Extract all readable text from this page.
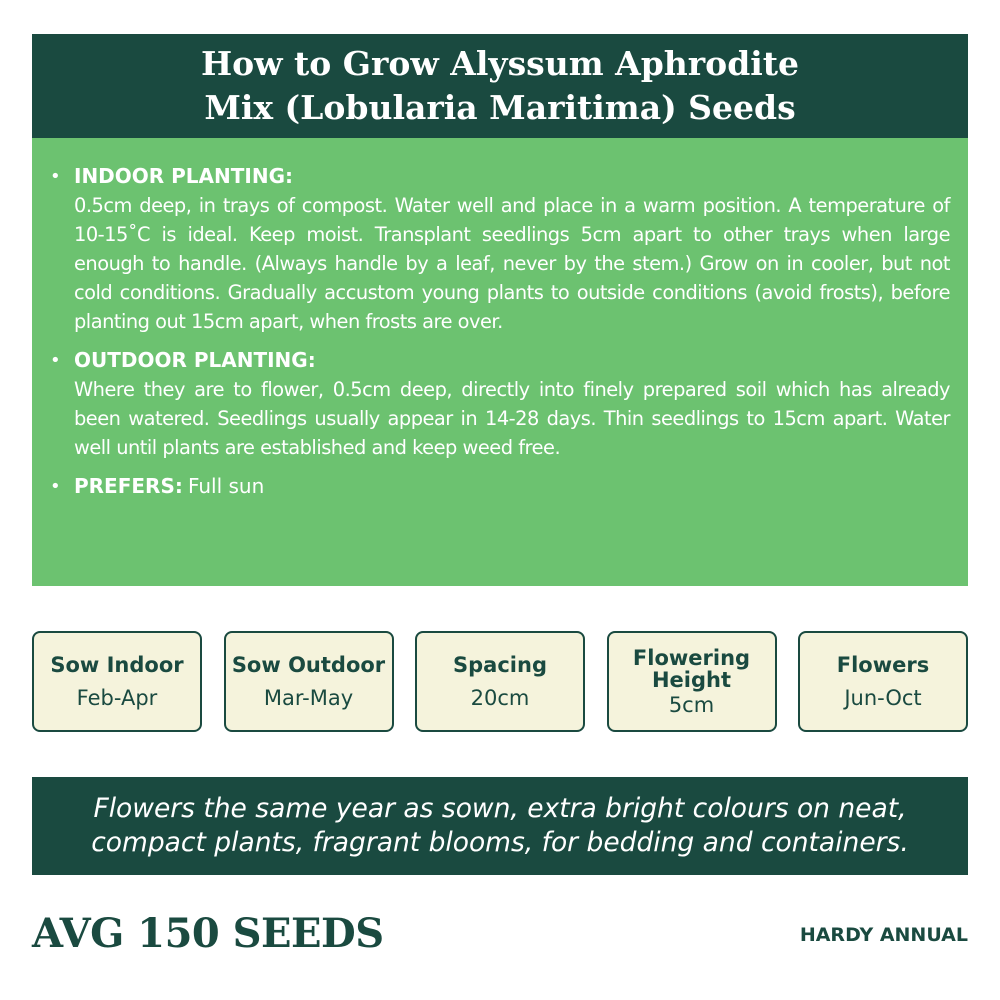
How to Grow Alyssum Aphrodite
Mix (Lobularia Maritima) Seeds
• INDOOR PLANTING:
0.5cm deep, in trays of compost. Water well and place in a warm position. A temperature of 10-15˚C is ideal. Keep moist. Transplant seedlings 5cm apart to other trays when large enough to handle. (Always handle by a leaf, never by the stem.) Grow on in cooler, but not cold conditions. Gradually accustom young plants to outside conditions (avoid frosts), before planting out 15cm apart, when frosts are over.
• OUTDOOR PLANTING:
Where they are to flower, 0.5cm deep, directly into finely prepared soil which has already been watered. Seedlings usually appear in 14-28 days. Thin seedlings to 15cm apart. Water well until plants are established and keep weed free.
• PREFERS: Full sun
Sow Indoor
Feb-Apr
Sow Outdoor
Mar-May
Spacing
20cm
Flowering Height
5cm
Flowers
Jun-Oct
Flowers the same year as sown, extra bright colours on neat,
compact plants, fragrant blooms, for bedding and containers.
AVG 150 SEEDS	HARDY ANNUAL
